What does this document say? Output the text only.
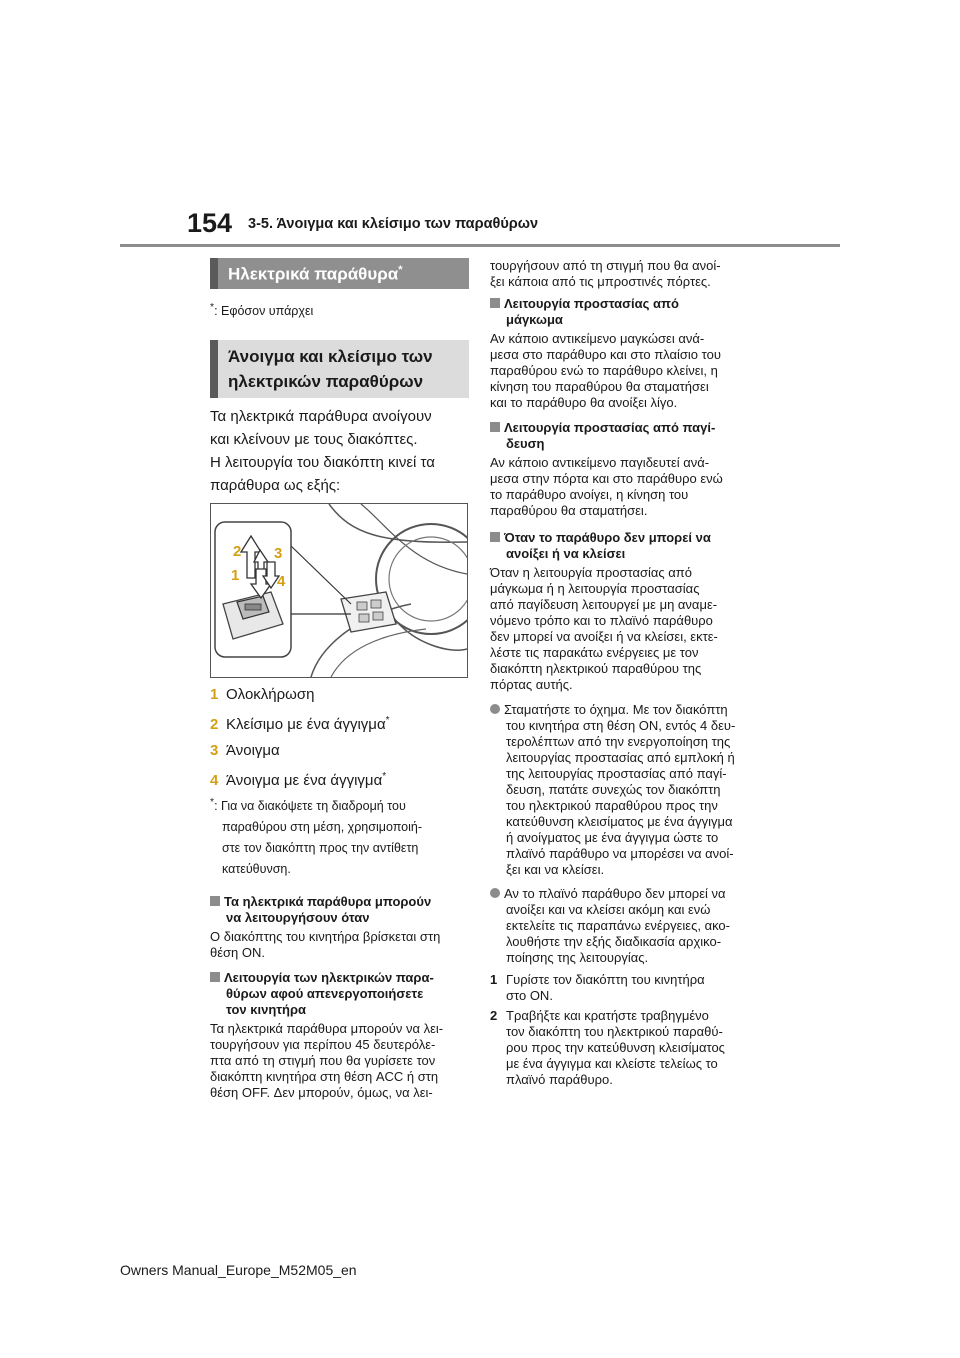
154 3-5. Άνοιγμα και κλείσιμο των παραθύρων
Ηλεκτρικά παράθυρα*
*: Εφόσον υπάρχει
Άνοιγμα και κλείσιμο των
ηλεκτρικών παραθύρων
Τα ηλεκτρικά παράθυρα ανοίγουν
και κλείνουν με τους διακόπτες.
Η λειτουργία του διακόπτη κινεί τα
παράθυρα ως εξής:
2 3
1	4
1 Ολοκλήρωση
2 Κλείσιμο με ένα άγγιγμα*
3 Άνοιγμα
4 Άνοιγμα με ένα άγγιγμα*
*: Για να διακόψετε τη διαδρομή του
παραθύρου στη μέση, χρησιμοποιή-
στε τον διακόπτη προς την αντίθετη
κατεύθυνση.
Τα ηλεκτρικά παράθυρα μπορούν
να λειτουργήσουν όταν
Ο διακόπτης του κινητήρα βρίσκεται στη
θέση ON.
Λειτουργία των ηλεκτρικών παρα-
θύρων αφού απενεργοποιήσετε
τον κινητήρα
Τα ηλεκτρικά παράθυρα μπορούν να λει-
τουργήσουν για περίπου 45 δευτερόλε-
πτα από τη στιγμή που θα γυρίσετε τον
διακόπτη κινητήρα στη θέση ACC ή στη
θέση OFF. Δεν μπορούν, όμως, να λει-
τουργήσουν από τη στιγμή που θα ανοί-
ξει κάποια από τις μπροστινές πόρτες.
Λειτουργία προστασίας από
μάγκωμα
Αν κάποιο αντικείμενο μαγκώσει ανά-
μεσα στο παράθυρο και στο πλαίσιο του
παραθύρου ενώ το παράθυρο κλείνει, η
κίνηση του παραθύρου θα σταματήσει
και το παράθυρο θα ανοίξει λίγο.
Λειτουργία προστασίας από παγί-
δευση
Αν κάποιο αντικείμενο παγιδευτεί ανά-
μεσα στην πόρτα και στο παράθυρο ενώ
το παράθυρο ανοίγει, η κίνηση του
παραθύρου θα σταματήσει.
Όταν το παράθυρο δεν μπορεί να
ανοίξει ή να κλείσει
Όταν η λειτουργία προστασίας από
μάγκωμα ή η λειτουργία προστασίας
από παγίδευση λειτουργεί με μη αναμε-
νόμενο τρόπο και το πλαϊνό παράθυρο
δεν μπορεί να ανοίξει ή να κλείσει, εκτε-
λέστε τις παρακάτω ενέργειες με τον
διακόπτη ηλεκτρικού παραθύρου της
πόρτας αυτής.
Σταματήστε το όχημα. Με τον διακόπτη
του κινητήρα στη θέση ON, εντός 4 δευ-
τερολέπτων από την ενεργοποίηση της
λειτουργίας προστασίας από εμπλοκή ή
της λειτουργίας προστασίας από παγί-
δευση, πατάτε συνεχώς τον διακόπτη
του ηλεκτρικού παραθύρου προς την
κατεύθυνση κλεισίματος με ένα άγγιγμα
ή ανοίγματος με ένα άγγιγμα ώστε το
πλαϊνό παράθυρο να μπορέσει να ανοί-
ξει και να κλείσει.
Αν το πλαϊνό παράθυρο δεν μπορεί να
ανοίξει και να κλείσει ακόμη και ενώ
εκτελείτε τις παραπάνω ενέργειες, ακο-
λουθήστε την εξής διαδικασία αρχικο-
ποίησης της λειτουργίας.
1 Γυρίστε τον διακόπτη του κινητήρα
στο ON.
2 Τραβήξτε και κρατήστε τραβηγμένο
τον διακόπτη του ηλεκτρικού παραθύ-
ρου προς την κατεύθυνση κλεισίματος
με ένα άγγιγμα και κλείστε τελείως το
πλαϊνό παράθυρο.
Owners Manual_Europe_M52M05_en
